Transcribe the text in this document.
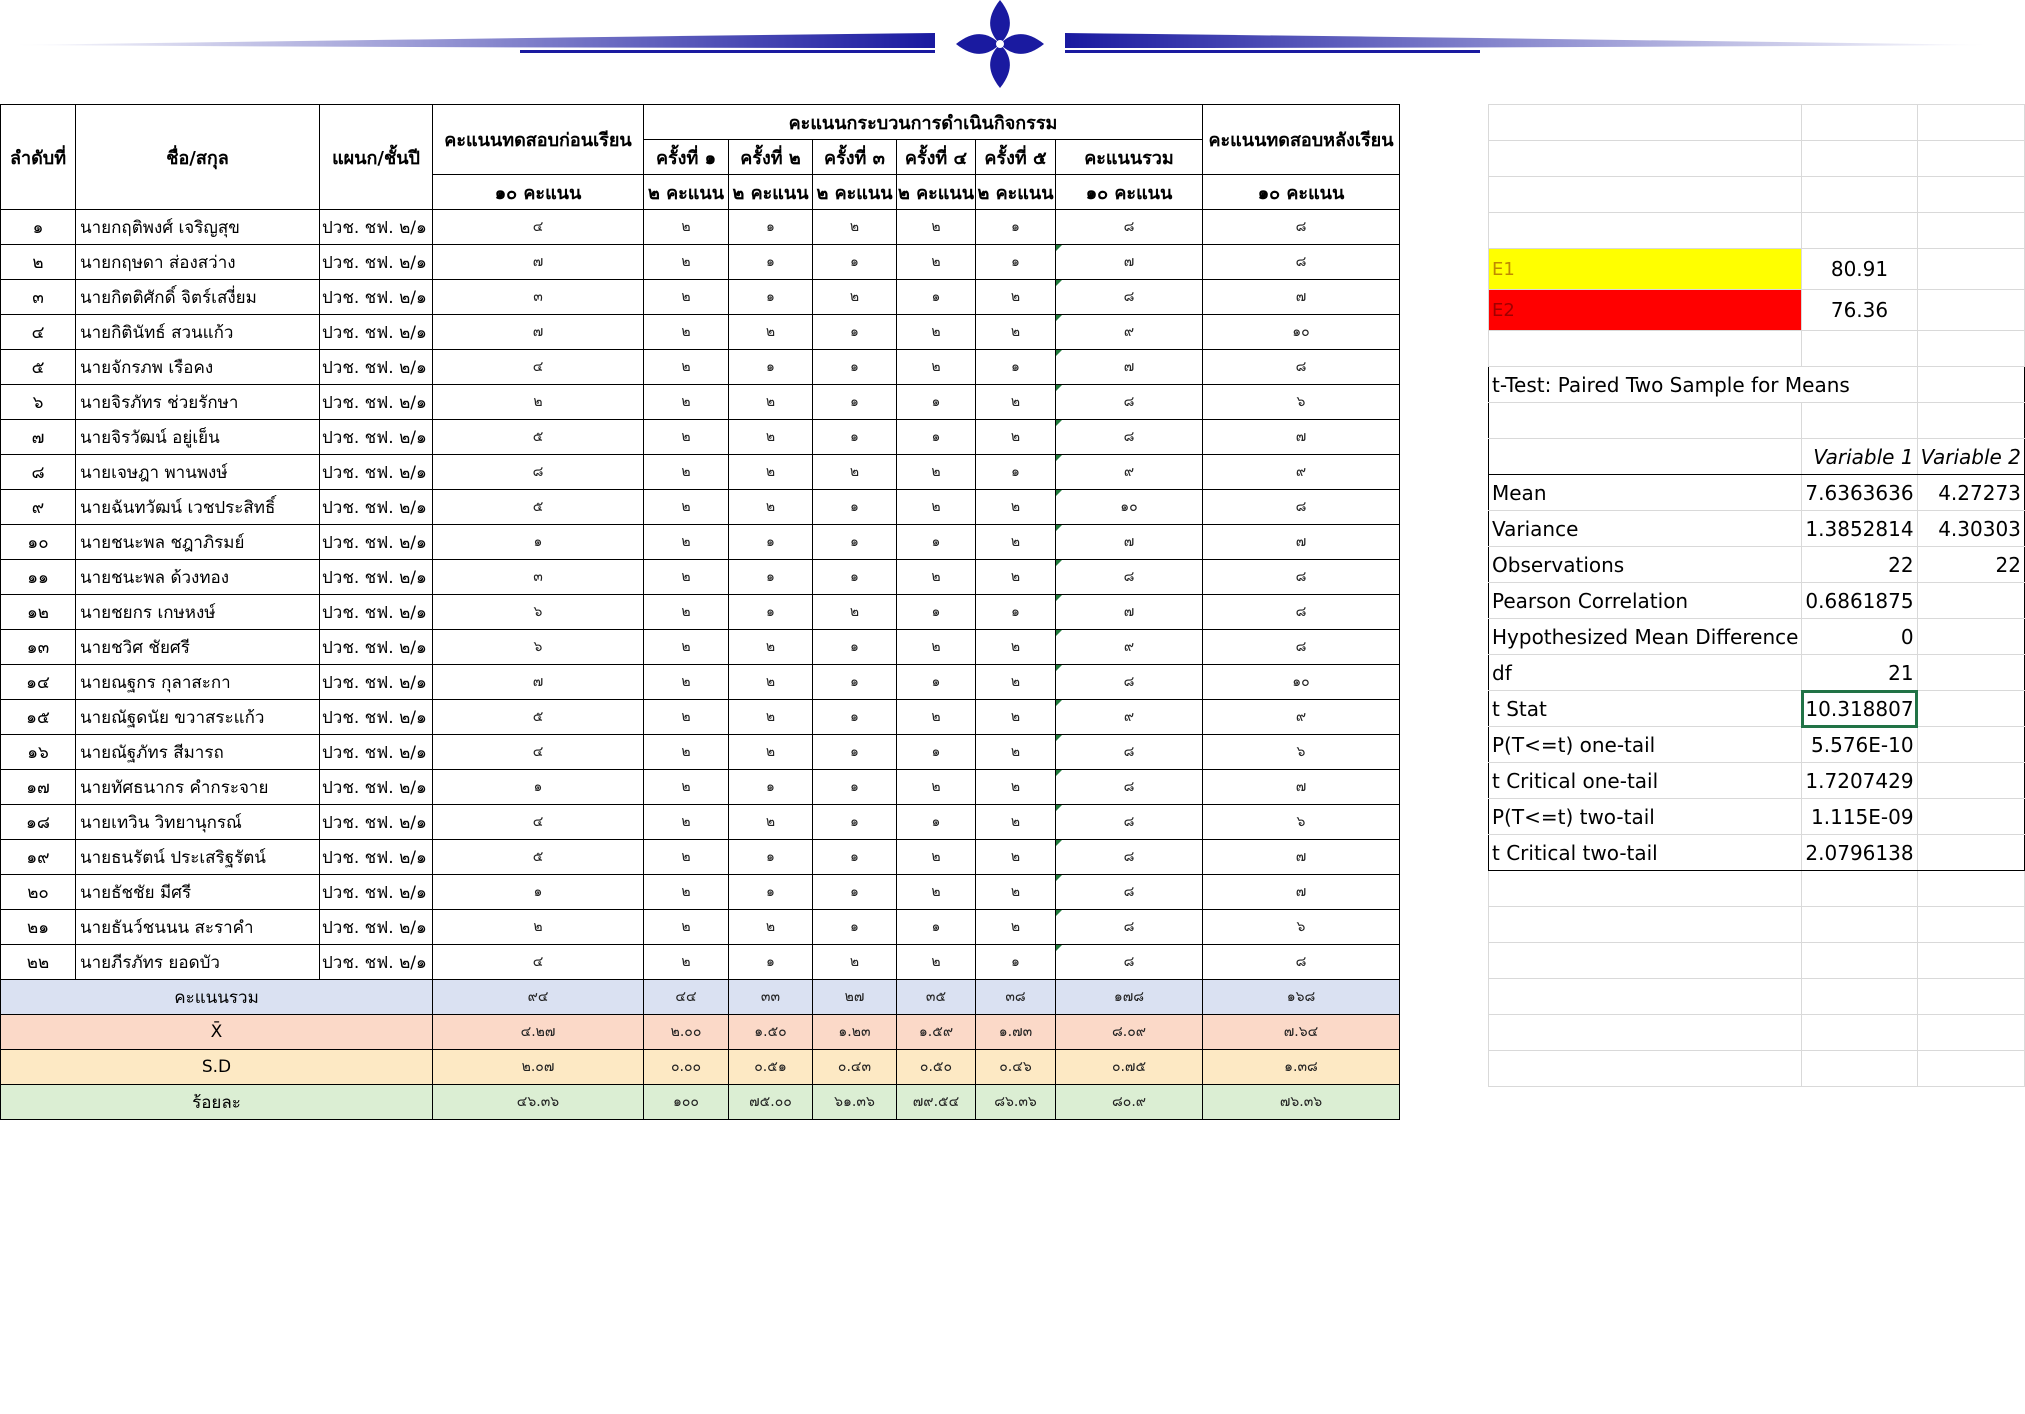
ลำดับที่	ชื่อ/สกุล	แผนก/ชั้นปี	คะแนนทดสอบก่อนเรียน	คะแนนกระบวนการดำเนินกิจกรรม						คะแนนทดสอบหลังเรียน
				ครั้งที่ ๑	ครั้งที่ ๒	ครั้งที่ ๓	ครั้งที่ ๔	ครั้งที่ ๕	คะแนนรวม	
			๑๐ คะแนน	๒ คะแนน	๒ คะแนน	๒ คะแนน	๒ คะแนน	๒ คะแนน	๑๐ คะแนน	๑๐ คะแนน
๑	นายกฤติพงศ์ เจริญสุข	ปวช. ชฟ. ๒/๑	๔	๒	๑	๒	๒	๑	๘	๘
๒	นายกฤษดา ส่องสว่าง	ปวช. ชฟ. ๒/๑	๗	๒	๑	๑	๒	๑	๗	๘
๓	นายกิตติศักดิ์ จิตร์เสงี่ยม	ปวช. ชฟ. ๒/๑	๓	๒	๑	๒	๑	๒	๘	๗
๔	นายกิตินัทธ์ สวนแก้ว	ปวช. ชฟ. ๒/๑	๗	๒	๒	๑	๒	๒	๙	๑๐
๕	นายจักรภพ เรือคง	ปวช. ชฟ. ๒/๑	๔	๒	๑	๑	๒	๑	๗	๘
๖	นายจิรภัทร ช่วยรักษา	ปวช. ชฟ. ๒/๑	๒	๒	๒	๑	๑	๒	๘	๖
๗	นายจิรวัฒน์ อยู่เย็น	ปวช. ชฟ. ๒/๑	๕	๒	๒	๑	๑	๒	๘	๗
๘	นายเจษฎา พานพงษ์	ปวช. ชฟ. ๒/๑	๘	๒	๒	๒	๒	๑	๙	๙
๙	นายฉันทวัฒน์ เวชประสิทธิ์	ปวช. ชฟ. ๒/๑	๕	๒	๒	๑	๒	๒	๑๐	๘
๑๐	นายชนะพล ชฎาภิรมย์	ปวช. ชฟ. ๒/๑	๑	๒	๑	๑	๑	๒	๗	๗
๑๑	นายชนะพล ด้วงทอง	ปวช. ชฟ. ๒/๑	๓	๒	๑	๑	๒	๒	๘	๘
๑๒	นายชยกร เกษหงษ์	ปวช. ชฟ. ๒/๑	๖	๒	๑	๒	๑	๑	๗	๘
๑๓	นายชวิศ ชัยศรี	ปวช. ชฟ. ๒/๑	๖	๒	๒	๑	๒	๒	๙	๘
๑๔	นายณฐกร กุลาสะกา	ปวช. ชฟ. ๒/๑	๗	๒	๒	๑	๑	๒	๘	๑๐
๑๕	นายณัฐดนัย ขวาสระแก้ว	ปวช. ชฟ. ๒/๑	๕	๒	๒	๑	๒	๒	๙	๙
๑๖	นายณัฐภัทร สีมารถ	ปวช. ชฟ. ๒/๑	๔	๒	๒	๑	๑	๒	๘	๖
๑๗	นายทัศธนากร คำกระจาย	ปวช. ชฟ. ๒/๑	๑	๒	๑	๑	๒	๒	๘	๗
๑๘	นายเทวิน วิทยานุกรณ์	ปวช. ชฟ. ๒/๑	๔	๒	๒	๑	๑	๒	๘	๖
๑๙	นายธนรัตน์ ประเสริฐรัตน์	ปวช. ชฟ. ๒/๑	๕	๒	๑	๑	๒	๒	๘	๗
๒๐	นายธัชชัย มีศรี	ปวช. ชฟ. ๒/๑	๑	๒	๑	๑	๒	๒	๘	๗
๒๑	นายธันว์ชนนน สะราคำ	ปวช. ชฟ. ๒/๑	๒	๒	๒	๑	๑	๒	๘	๖
๒๒	นายภีรภัทร ยอดบัว	ปวช. ชฟ. ๒/๑	๔	๒	๑	๒	๒	๑	๘	๘
คะแนนรวม			๙๔	๔๔	๓๓	๒๗	๓๕	๓๘	๑๗๘	๑๖๘
X̄			๔.๒๗	๒.๐๐	๑.๕๐	๑.๒๓	๑.๕๙	๑.๗๓	๘.๐๙	๗.๖๔
S.D			๒.๐๗	๐.๐๐	๐.๕๑	๐.๔๓	๐.๕๐	๐.๔๖	๐.๗๕	๑.๓๘
ร้อยละ			๔๖.๓๖	๑๐๐	๗๕.๐๐	๖๑.๓๖	๗๙.๕๔	๘๖.๓๖	๘๐.๙	๗๖.๓๖

E1	80.91	
E2	76.36	

t-Test: Paired Two Sample for Means		

	Variable 1	Variable 2
Mean	7.6363636	4.27273
Variance	1.3852814	4.30303
Observations	22	22
Pearson Correlation	0.6861875	
Hypothesized Mean Difference	0	
df	21	
t Stat	10.318807	
P(T<=t) one-tail	5.576E-10	
t Critical one-tail	1.7207429	
P(T<=t) two-tail	1.115E-09	
t Critical two-tail	2.0796138	
